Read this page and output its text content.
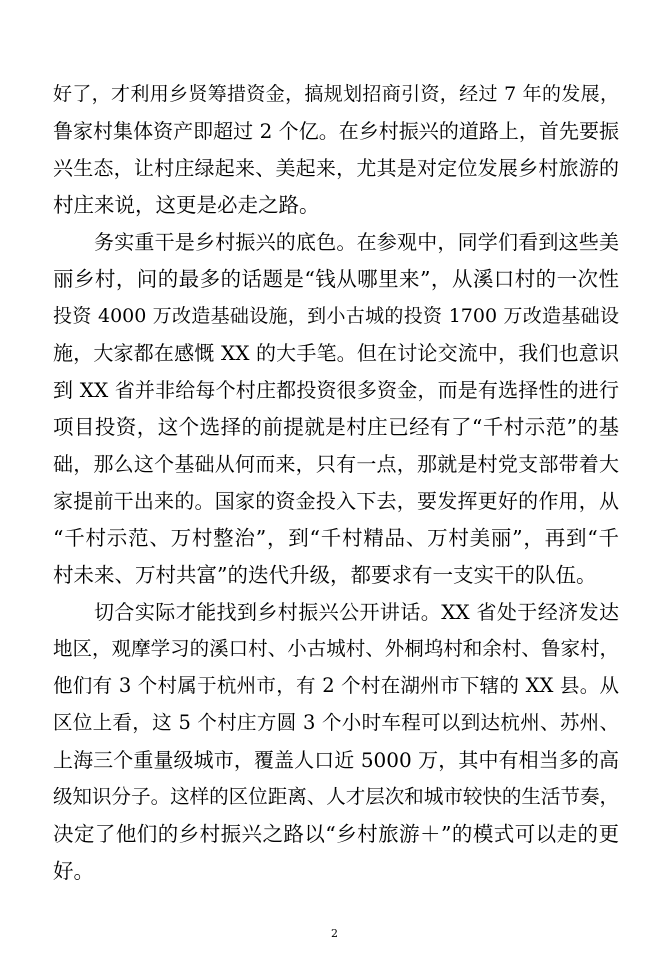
好了，才利用乡贤筹措资金，搞规划招商引资，经过 7 年的发展，
鲁家村集体资产即超过 2 个亿。在乡村振兴的道路上，首先要振
兴生态，让村庄绿起来、美起来，尤其是对定位发展乡村旅游的
村庄来说，这更是必走之路。
务实重干是乡村振兴的底色。在参观中，同学们看到这些美
丽乡村，问的最多的话题是“钱从哪里来”，从溪口村的一次性
投资 4000 万改造基础设施，到小古城的投资 1700 万改造基础设
施，大家都在感慨 XX 的大手笔。但在讨论交流中，我们也意识
到 XX 省并非给每个村庄都投资很多资金，而是有选择性的进行
项目投资，这个选择的前提就是村庄已经有了“千村示范”的基
础，那么这个基础从何而来，只有一点，那就是村党支部带着大
家提前干出来的。国家的资金投入下去，要发挥更好的作用，从
“千村示范、万村整治”，到“千村精品、万村美丽”，再到“千
村未来、万村共富”的迭代升级，都要求有一支实干的队伍。
切合实际才能找到乡村振兴公开讲话。XX 省处于经济发达
地区，观摩学习的溪口村、小古城村、外桐坞村和余村、鲁家村，
他们有 3 个村属于杭州市，有 2 个村在湖州市下辖的 XX 县。从
区位上看，这 5 个村庄方圆 3 个小时车程可以到达杭州、苏州、
上海三个重量级城市，覆盖人口近 5000 万，其中有相当多的高
级知识分子。这样的区位距离、人才层次和城市较快的生活节奏，
决定了他们的乡村振兴之路以“乡村旅游＋”的模式可以走的更
好。
2
